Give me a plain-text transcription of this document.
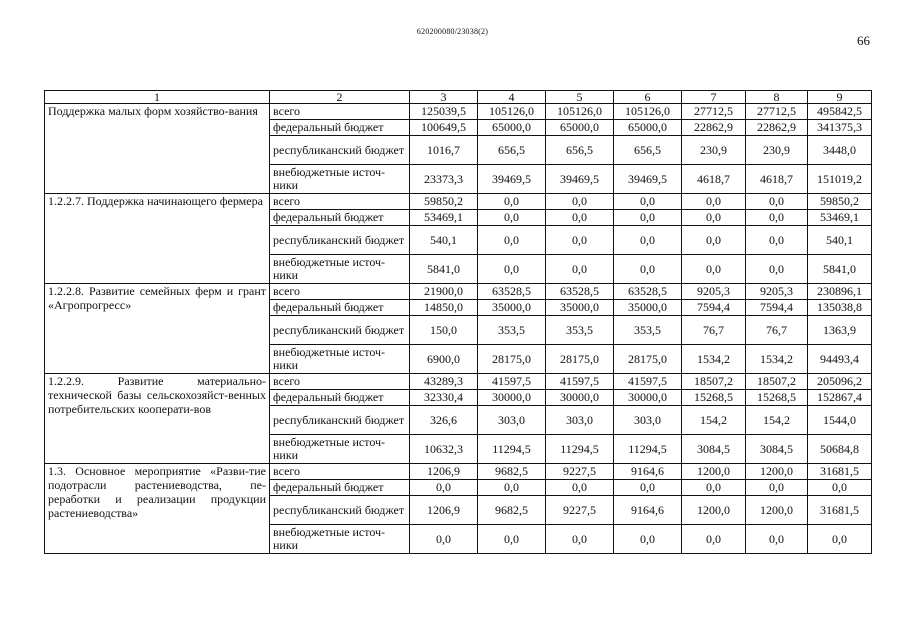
620200080/23038(2)
66
1	2	3	4	5	6	7	8	9
Поддержка малых форм хозяйство-вания	всего	125039,5	105126,0	105126,0	105126,0	27712,5	27712,5	495842,5
	федеральный бюджет	100649,5	65000,0	65000,0	65000,0	22862,9	22862,9	341375,3
	республиканский бюджет	1016,7	656,5	656,5	656,5	230,9	230,9	3448,0
	внебюджетные источ-ники	23373,3	39469,5	39469,5	39469,5	4618,7	4618,7	151019,2
1.2.2.7. Поддержка начинающего фермера	всего	59850,2	0,0	0,0	0,0	0,0	0,0	59850,2
	федеральный бюджет	53469,1	0,0	0,0	0,0	0,0	0,0	53469,1
	республиканский бюджет	540,1	0,0	0,0	0,0	0,0	0,0	540,1
	внебюджетные источ-ники	5841,0	0,0	0,0	0,0	0,0	0,0	5841,0
1.2.2.8. Развитие семейных ферм и грант «Агропрогресс»	всего	21900,0	63528,5	63528,5	63528,5	9205,3	9205,3	230896,1
	федеральный бюджет	14850,0	35000,0	35000,0	35000,0	7594,4	7594,4	135038,8
	республиканский бюджет	150,0	353,5	353,5	353,5	76,7	76,7	1363,9
	внебюджетные источ-ники	6900,0	28175,0	28175,0	28175,0	1534,2	1534,2	94493,4
1.2.2.9. Развитие материально-технической базы сельскохозяйст-венных потребительских кооперати-вов	всего	43289,3	41597,5	41597,5	41597,5	18507,2	18507,2	205096,2
	федеральный бюджет	32330,4	30000,0	30000,0	30000,0	15268,5	15268,5	152867,4
	республиканский бюджет	326,6	303,0	303,0	303,0	154,2	154,2	1544,0
	внебюджетные источ-ники	10632,3	11294,5	11294,5	11294,5	3084,5	3084,5	50684,8
1.3. Основное мероприятие «Разви-тие подотрасли растениеводства, пе-реработки и реализации продукции растениеводства»	всего	1206,9	9682,5	9227,5	9164,6	1200,0	1200,0	31681,5
	федеральный бюджет	0,0	0,0	0,0	0,0	0,0	0,0	0,0
	республиканский бюджет	1206,9	9682,5	9227,5	9164,6	1200,0	1200,0	31681,5
	внебюджетные источ-ники	0,0	0,0	0,0	0,0	0,0	0,0	0,0
